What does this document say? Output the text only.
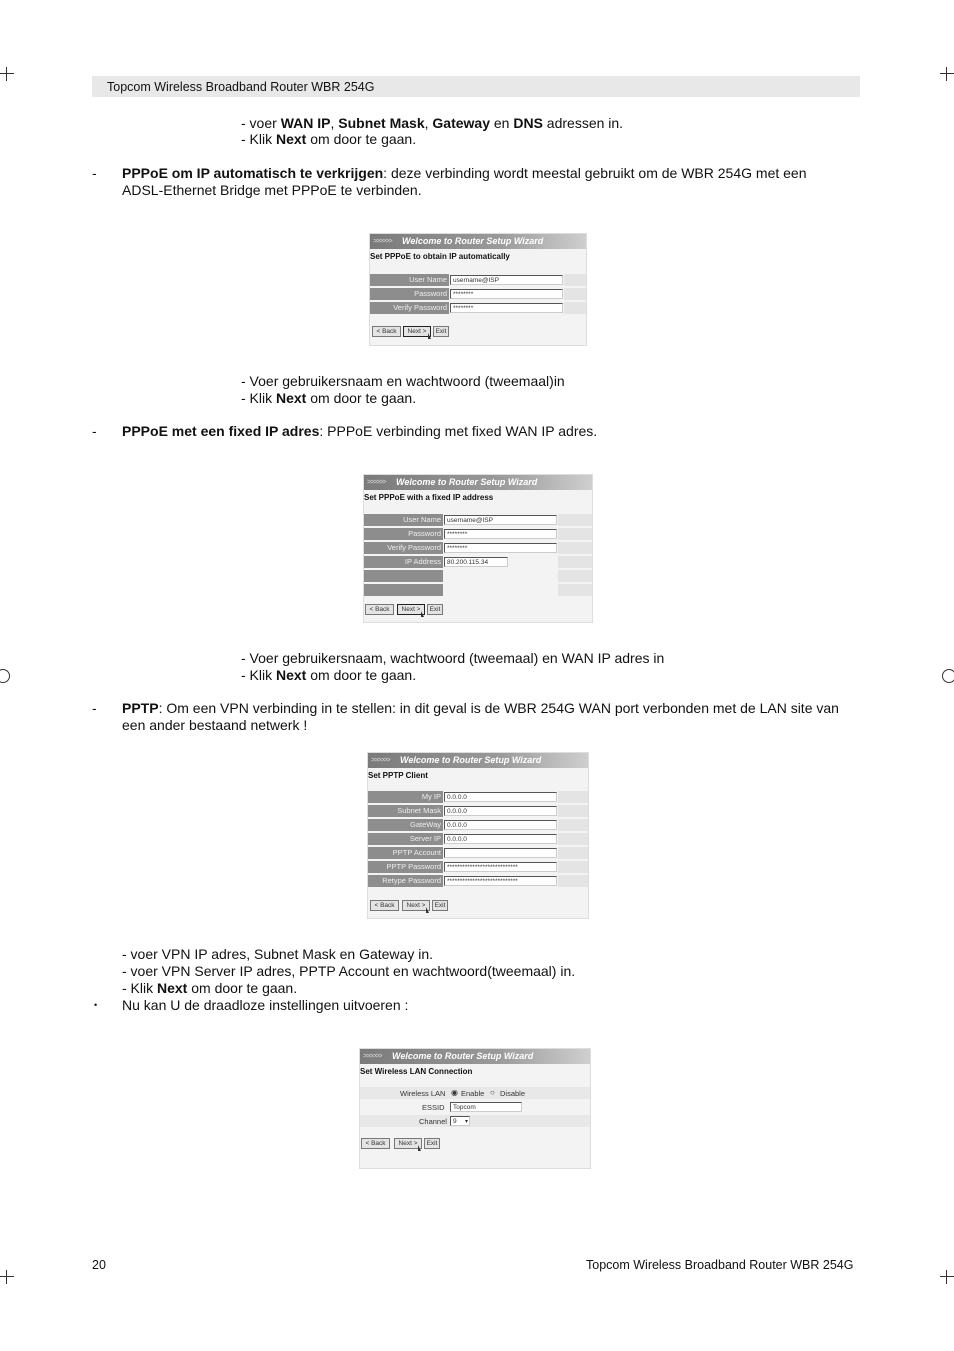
Topcom Wireless Broadband Router WBR 254G
- voer WAN IP, Subnet Mask, Gateway en DNS adressen in.
- Klik Next om door te gaan.
- PPPoE om IP automatisch te verkrijgen: deze verbinding wordt meestal gebruikt om de WBR 254G met een
ADSL-Ethernet Bridge met PPPoE te verbinden.
>>>>>> Welcome to Router Setup Wizard
Set PPPoE to obtain IP automatically
User Name username@ISP
Password ********
Verify Password ********
< Back	Next >	Exit
- Voer gebruikersnaam en wachtwoord (tweemaal)in
- Klik Next om door te gaan.
- PPPoE met een fixed IP adres: PPPoE verbinding met fixed WAN IP adres.
>>>>>> Welcome to Router Setup Wizard
Set PPPoE with a fixed IP address
User Name username@ISP
Password ********
Verify Password ********
IP Address 80.200.115.34
< Back	Next >	Exit
- Voer gebruikersnaam, wachtwoord (tweemaal) en WAN IP adres in
- Klik Next om door te gaan.
- PPTP: Om een VPN verbinding in te stellen: in dit geval is de WBR 254G WAN port verbonden met de LAN site van
een ander bestaand netwerk !
>>>>>> Welcome to Router Setup Wizard
Set PPTP Client
My IP 0.0.0.0
Subnet Mask 0.0.0.0
GateWay 0.0.0.0
Server IP 0.0.0.0
PPTP Account
PPTP Password ****************************
Retype Password ****************************
< Back	Next >	Exit
- voer VPN IP adres, Subnet Mask en Gateway in.
- voer VPN Server IP adres, PPTP Account en wachtwoord(tweemaal) in.
- Klik Next om door te gaan.
• Nu kan U de draadloze instellingen uitvoeren :
>>>>>> Welcome to Router Setup Wizard
Set Wireless LAN Connection
Wireless LAN ◉ Enable ○ Disable
ESSID	Topcom
Channel 9 ▾
< Back	Next >	Exit
20	Topcom Wireless Broadband Router WBR 254G
